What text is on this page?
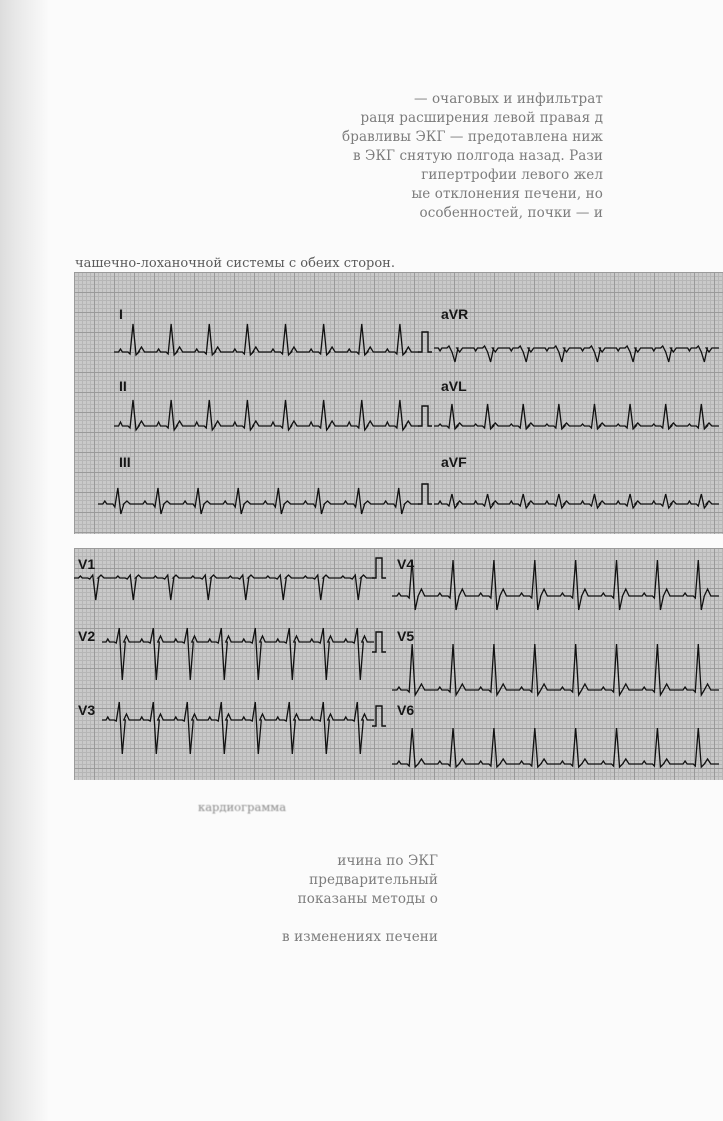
— очаговых и инфильтрат
раця расширения левой правая д
бравливы ЭКГ — предотавлена ниж
в ЭКГ снятую полгода назад. Рази
гипертрофии левого жел
ые отклонения печени, но
особенностей, почки — и
чашечно-лоханочной системы с обеих сторон.
I
II
III
aVR
aVL
aVF
V1
V2
V3
V4
V5
V6
кардиограмма
ичина по ЭКГ
предварительный
показаны методы о
в изменениях печени
